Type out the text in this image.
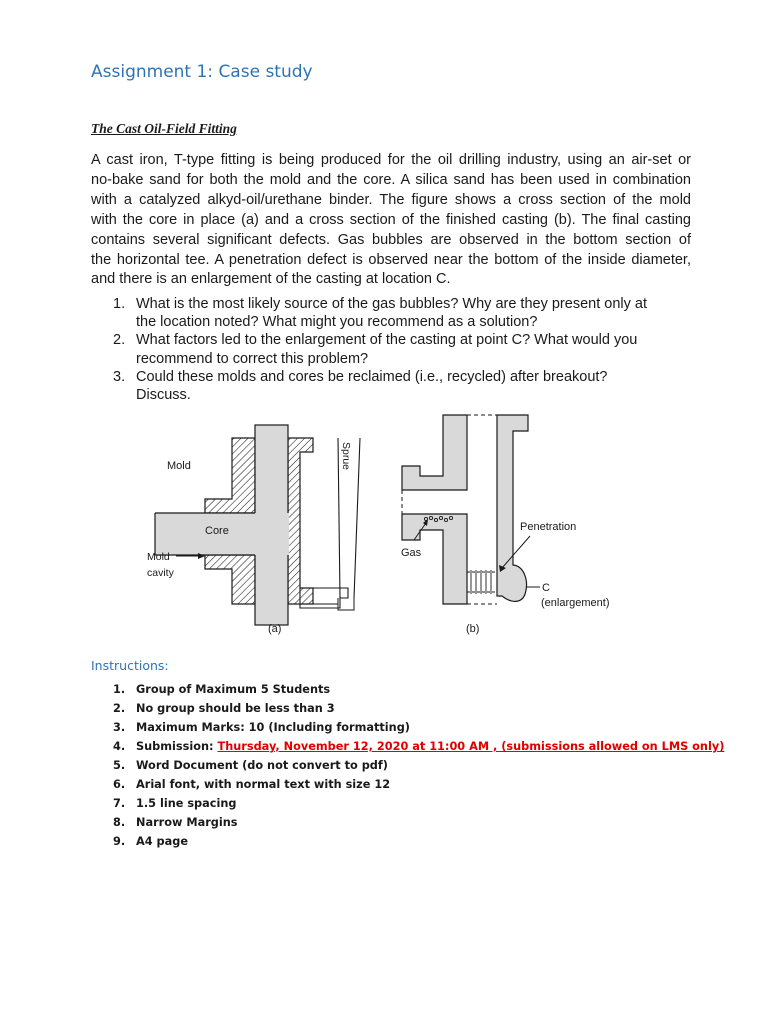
Assignment 1: Case study

The Cast Oil-Field Fitting

A cast iron, T-type fitting is being produced for the oil drilling industry, using an air-set or
no-bake sand for both the mold and the core. A silica sand has been used in combination
with a catalyzed alkyd-oil/urethane binder. The figure shows a cross section of the mold
with the core in place (a) and a cross section of the finished casting (b). The final casting
contains several significant defects. Gas bubbles are observed in the bottom section of
the horizontal tee. A penetration defect is observed near the bottom of the inside diameter,
and there is an enlargement of the casting at location C.

1. What is the most likely source of the gas bubbles? Why are they present only at
the location noted? What might you recommend as a solution?
2. What factors led to the enlargement of the casting at point C? What would you
recommend to correct this problem?
3. Could these molds and cores be reclaimed (i.e., recycled) after breakout?
Discuss.
Mold
Core
Mold
cavity
Sprue
(a)
Gas
Penetration
C
(enlargement)
(b)

Instructions:

1. Group of Maximum 5 Students
2. No group should be less than 3
3. Maximum Marks: 10 (Including formatting)
4. Submission: Thursday, November 12, 2020 at 11:00 AM , (submissions allowed on LMS only)
5. Word Document (do not convert to pdf)
6. Arial font, with normal text with size 12
7. 1.5 line spacing
8. Narrow Margins
9. A4 page
